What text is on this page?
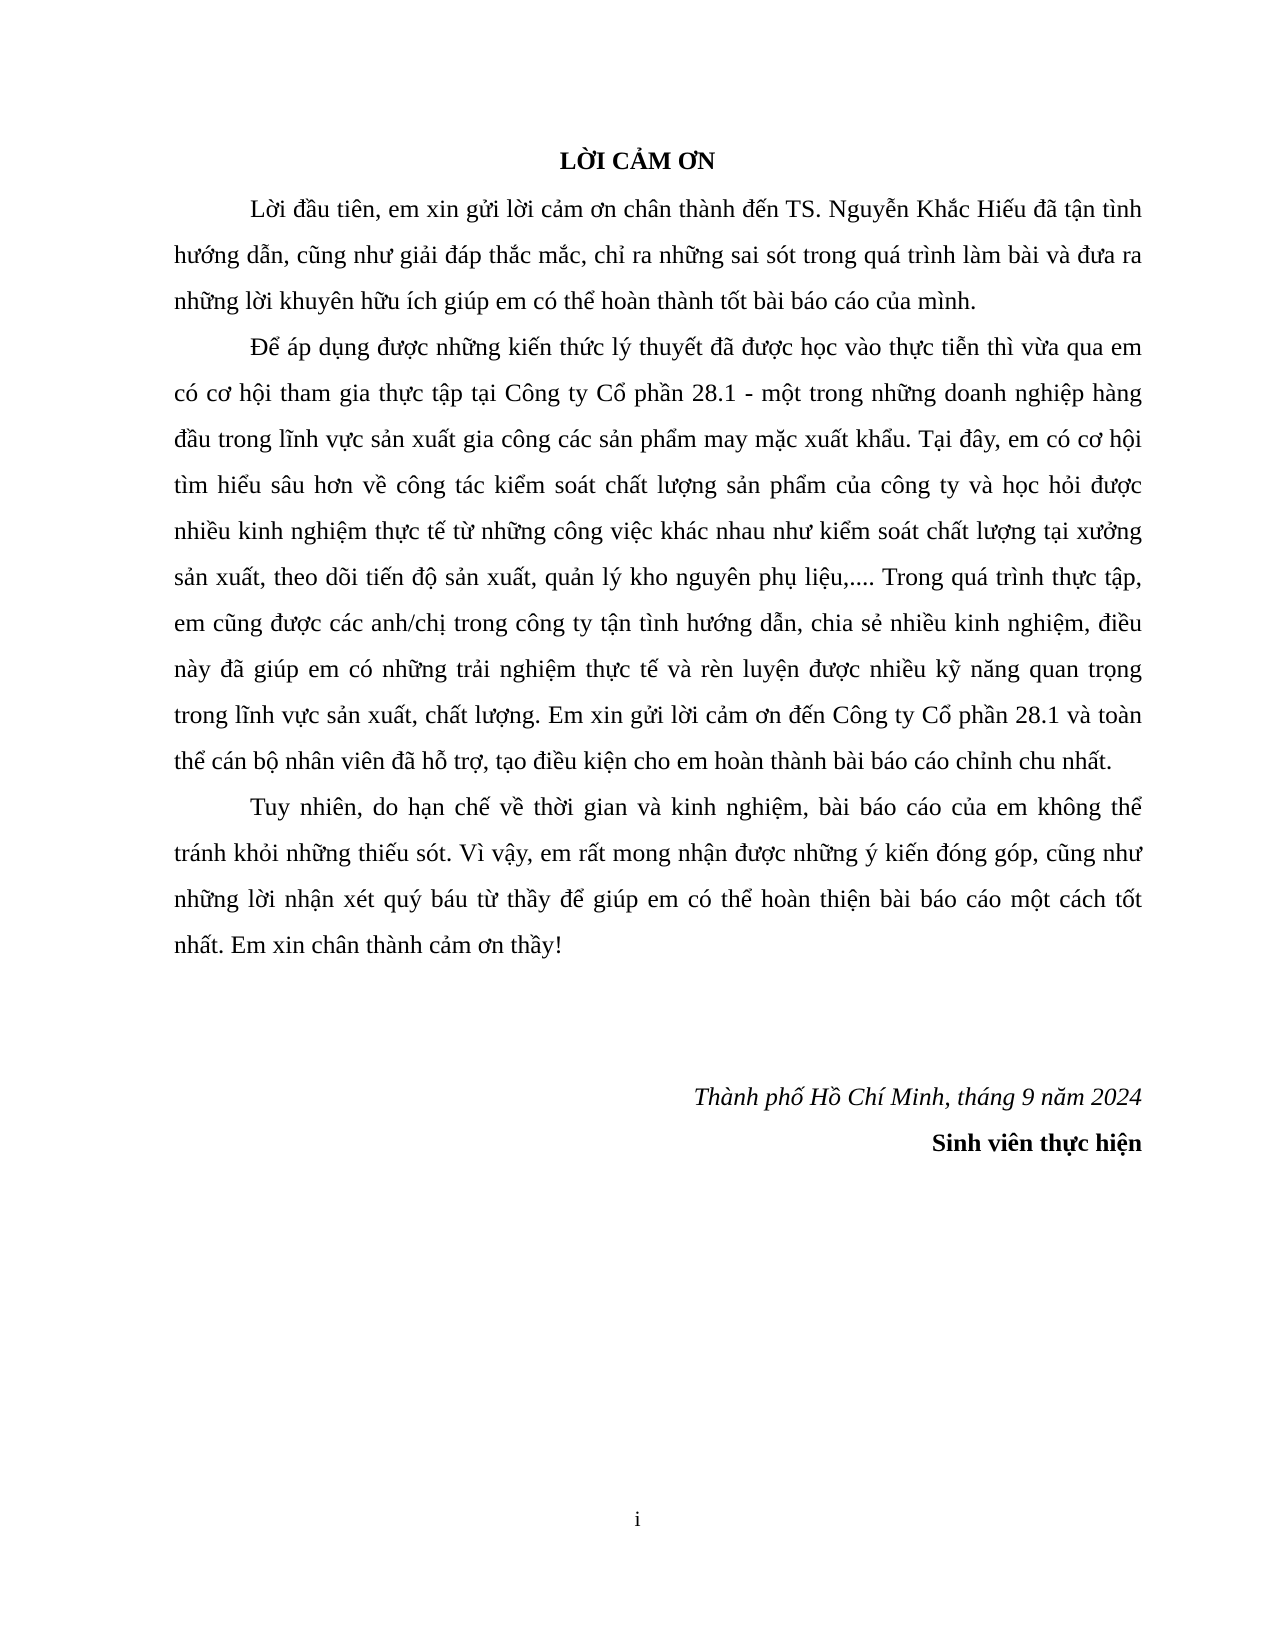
LỜI CẢM ƠN

Lời đầu tiên, em xin gửi lời cảm ơn chân thành đến TS. Nguyễn Khắc Hiếu đã tận tình hướng dẫn, cũng như giải đáp thắc mắc, chỉ ra những sai sót trong quá trình làm bài và đưa ra những lời khuyên hữu ích giúp em có thể hoàn thành tốt bài báo cáo của mình.

Để áp dụng được những kiến thức lý thuyết đã được học vào thực tiễn thì vừa qua em có cơ hội tham gia thực tập tại Công ty Cổ phần 28.1 - một trong những doanh nghiệp hàng đầu trong lĩnh vực sản xuất gia công các sản phẩm may mặc xuất khẩu. Tại đây, em có cơ hội tìm hiểu sâu hơn về công tác kiểm soát chất lượng sản phẩm của công ty và học hỏi được nhiều kinh nghiệm thực tế từ những công việc khác nhau như kiểm soát chất lượng tại xưởng sản xuất, theo dõi tiến độ sản xuất, quản lý kho nguyên phụ liệu,.... Trong quá trình thực tập, em cũng được các anh/chị trong công ty tận tình hướng dẫn, chia sẻ nhiều kinh nghiệm, điều này đã giúp em có những trải nghiệm thực tế và rèn luyện được nhiều kỹ năng quan trọng trong lĩnh vực sản xuất, chất lượng. Em xin gửi lời cảm ơn đến Công ty Cổ phần 28.1 và toàn thể cán bộ nhân viên đã hỗ trợ, tạo điều kiện cho em hoàn thành bài báo cáo chỉnh chu nhất.

Tuy nhiên, do hạn chế về thời gian và kinh nghiệm, bài báo cáo của em không thể tránh khỏi những thiếu sót. Vì vậy, em rất mong nhận được những ý kiến đóng góp, cũng như những lời nhận xét quý báu từ thầy để giúp em có thể hoàn thiện bài báo cáo một cách tốt nhất. Em xin chân thành cảm ơn thầy!

Thành phố Hồ Chí Minh, tháng 9 năm 2024

Sinh viên thực hiện

i
